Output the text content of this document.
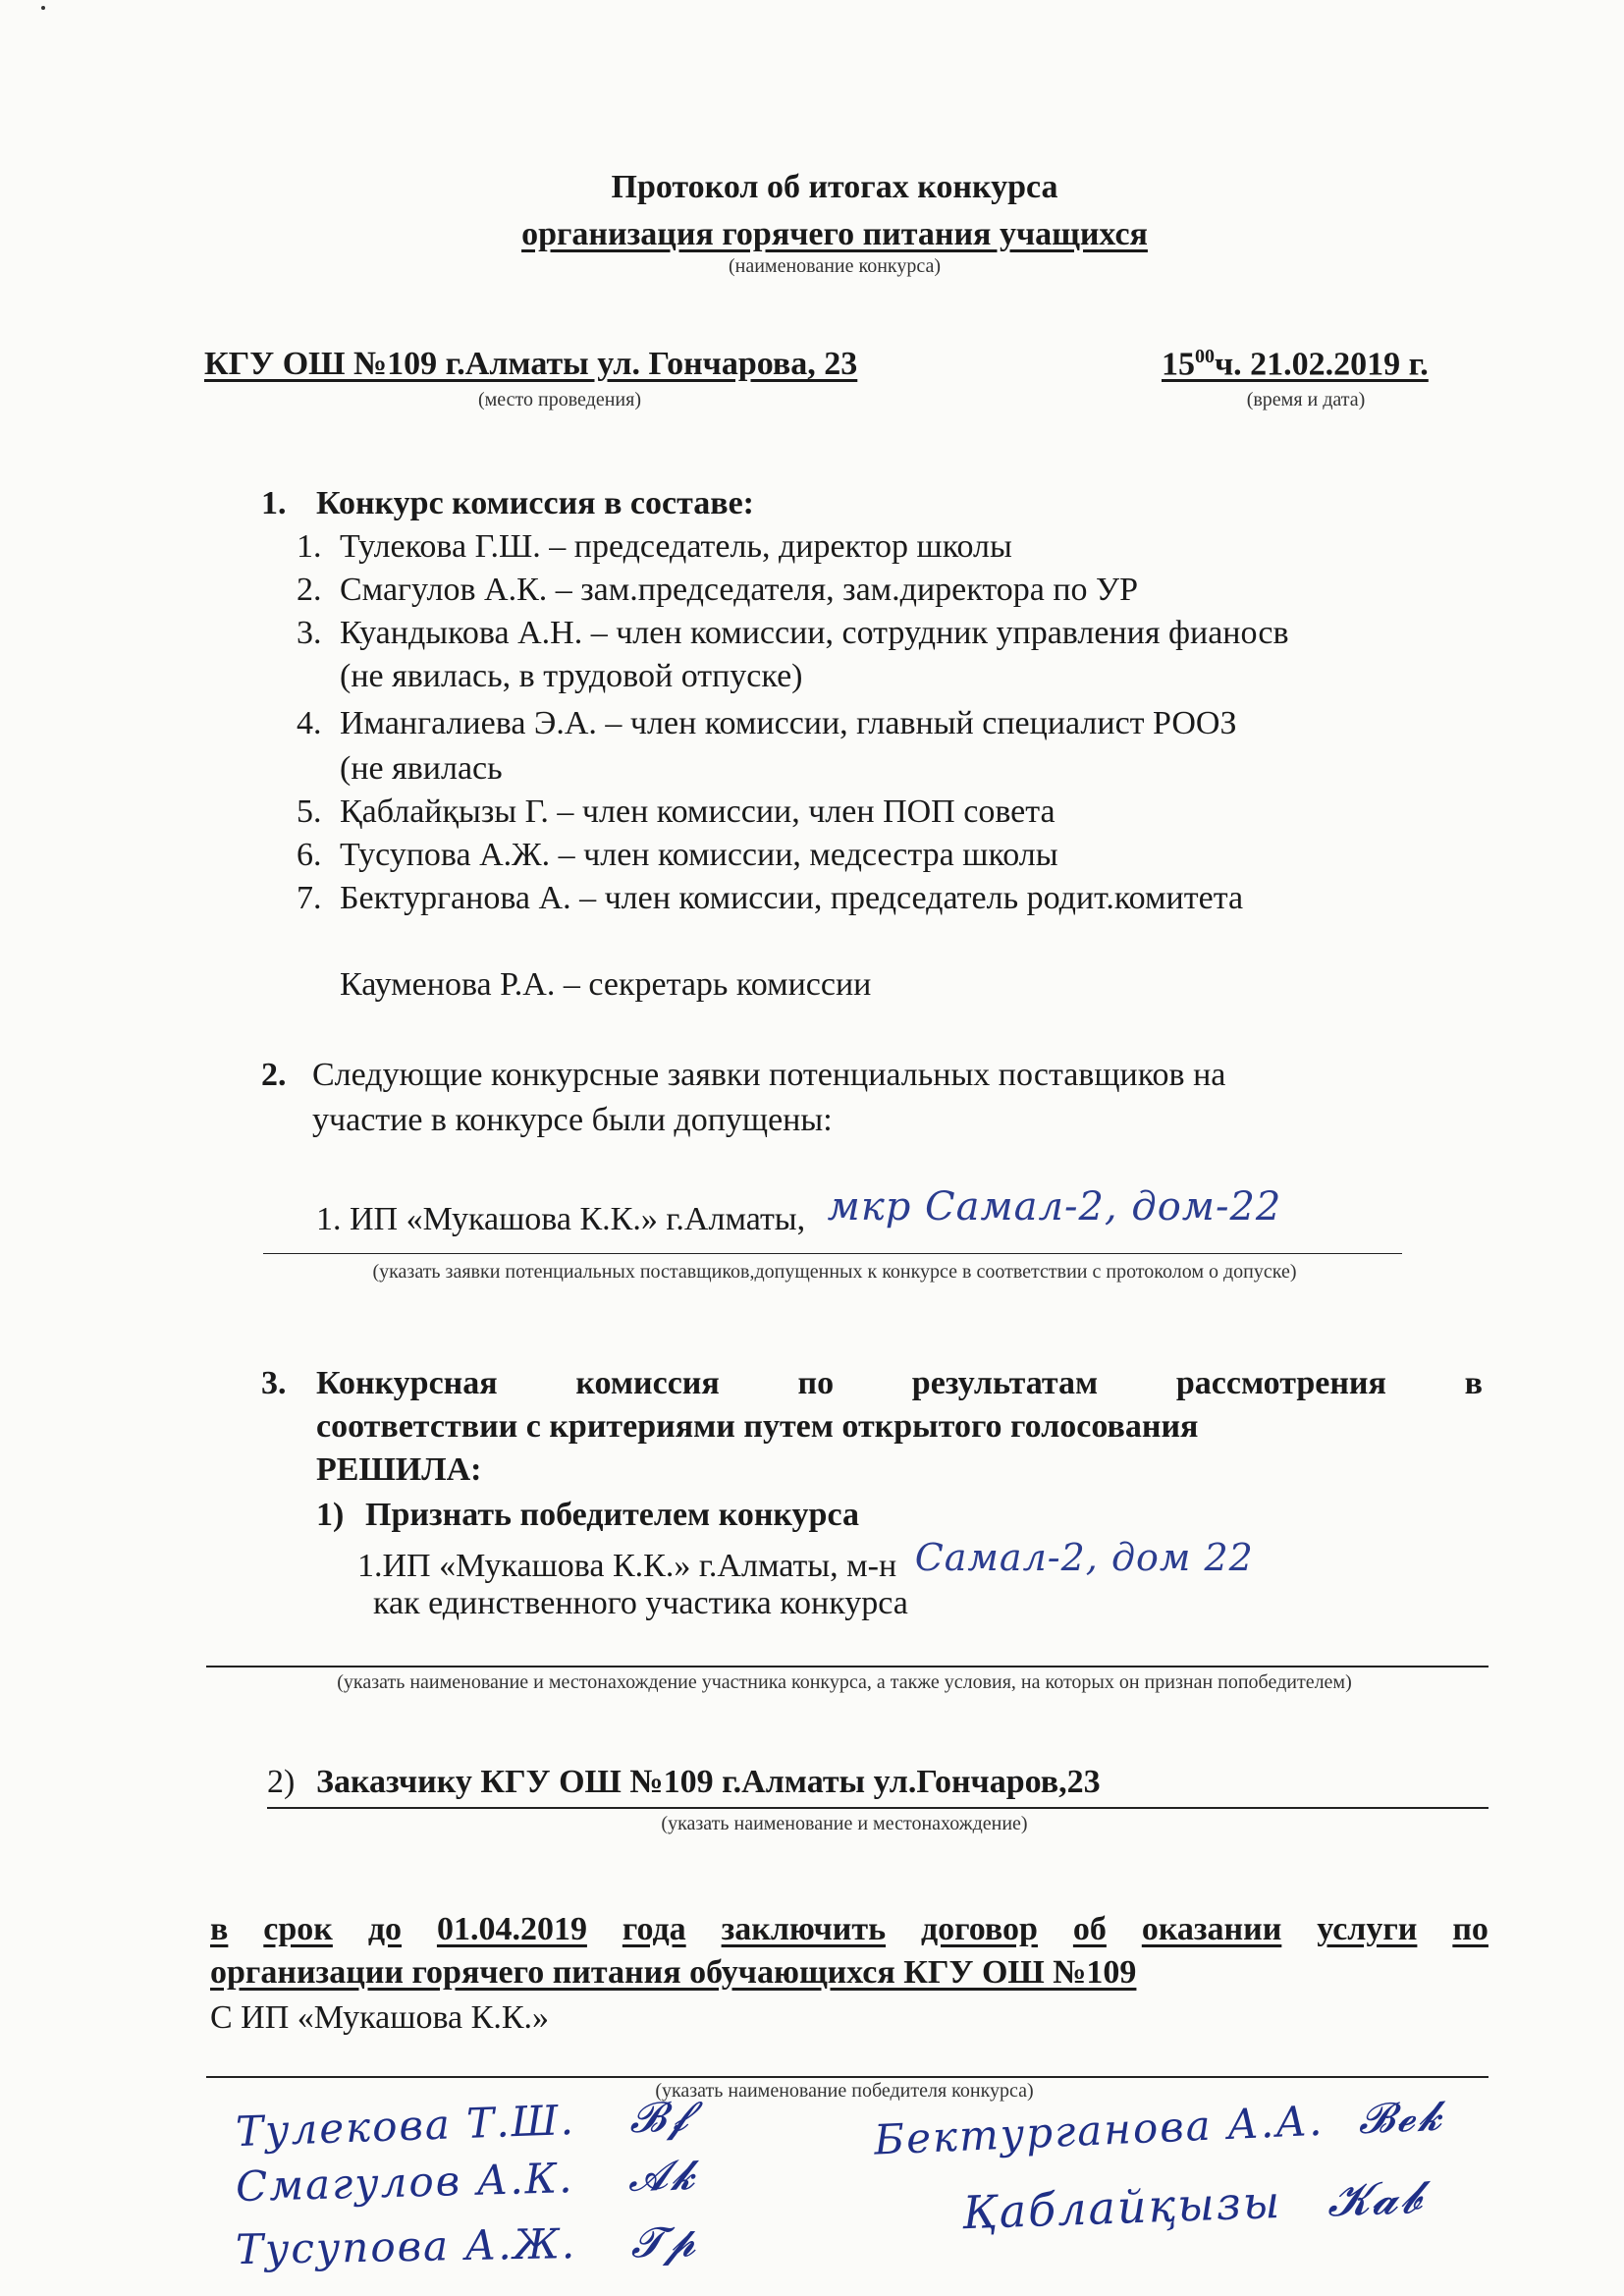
Протокол об итогах конкурса
организация горячего питания учащихся
(наименование конкурса)
КГУ ОШ №109 г.Алматы ул. Гончарова, 23
(место проведения)
$15^{00}ч$. 21.02.2019 г.
(время и дата)
1. Конкурс комиссия в составе:
1. Тулекова Г.Ш. – председатель, директор школы
2. Смагулов А.К. – зам.председателя, зам.директора по УР
3. Куандыкова А.Н. – член комиссии, сотрудник управления фианосв
(не явилась, в трудовой отпуске)
4. Имангалиева Э.А. – член комиссии, главный специалист РООЗ
(не явилась
5. Қаблайқызы Г. – член комиссии, член ПОП совета
6. Тусупова А.Ж. – член комиссии, медсестра школы
7. Бектурганова А. – член комиссии, председатель родит.комитета
Кауменова Р.А. – секретарь комиссии
2. Следующие конкурсные заявки потенциальных поставщиков на
участие в конкурсе были допущены:
1. ИП «Мукашова К.К.» г.Алматы, мкр Самал-2, дом-22
(указать заявки потенциальных поставщиков,допущенных к конкурсе в соответствии с протоколом о допуске)
3. Конкурсная комиссия по результатам рассмотрения в
соответствии с критериями путем открытого голосования
РЕШИЛА:
1) Признать победителем конкурса
1.ИП «Мукашова К.К.» г.Алматы, м-н Самал-2, дом 22
как единственного участика конкурса
(указать наименование и местонахождение участника конкурса, а также условия, на которых он признан попобедителем)
2) Заказчику КГУ ОШ №109 г.Алматы ул.Гончаров,23
(указать наименование и местонахождение)
в срок до 01.04.2019 года заключить договор об оказании услуги по
организации горячего питания обучающихся КГУ ОШ №109
С ИП «Мукашова К.К.»
(указать наименование победителя конкурса)
Тулекова Т.Ш. 𝓑𝓯
Смагулов А.К. 𝓐𝓴
Тусупова А.Ж. 𝓣𝓹
Бектурганова А.А. 𝓑𝓮𝓴
Қаблайқызы 𝓚𝓪𝓫
